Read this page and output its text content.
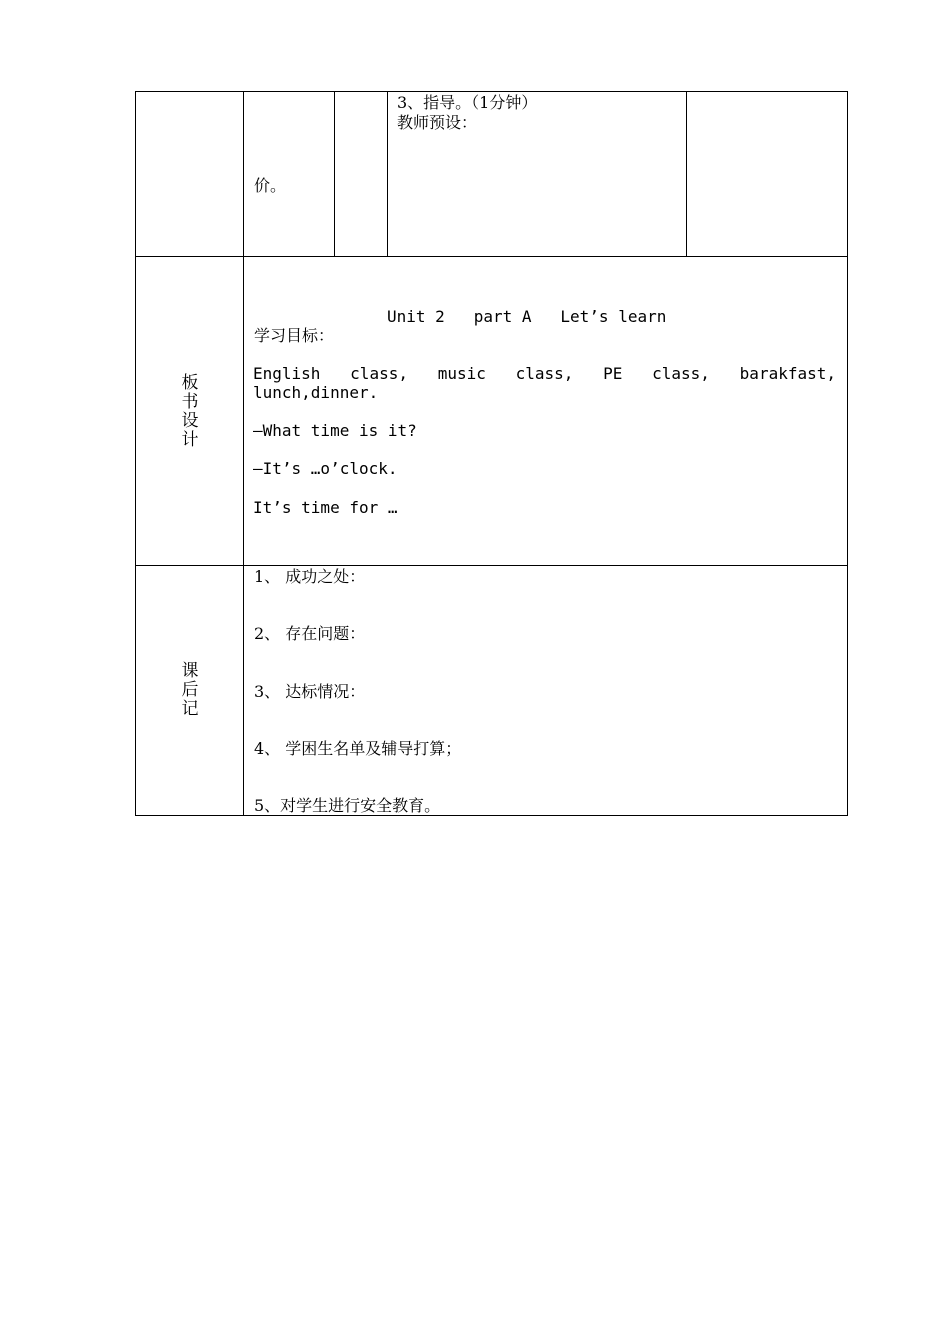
价。
3、指导。（1分钟）
教师预设：
板书设计
Unit 2   part A   Let’s learn
学习目标：
English class, music class, PE class, barakfast,
lunch,dinner.
—What time is it?
—It’s …o’clock.
It’s time for …
课后记
1、 成功之处：
2、 存在问题：
3、 达标情况：
4、 学困生名单及辅导打算；
5、对学生进行安全教育。
